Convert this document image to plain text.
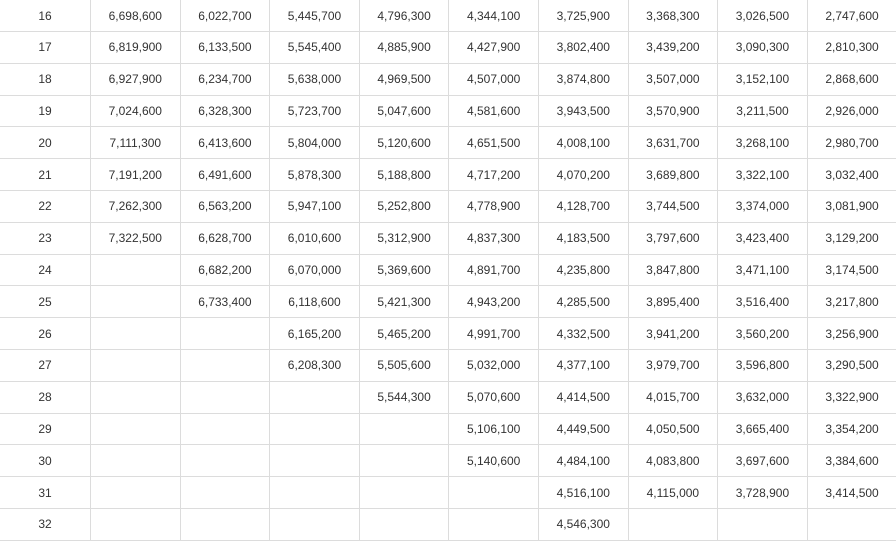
16	6,698,600	6,022,700	5,445,700	4,796,300	4,344,100	3,725,900	3,368,300	3,026,500	2,747,600
17	6,819,900	6,133,500	5,545,400	4,885,900	4,427,900	3,802,400	3,439,200	3,090,300	2,810,300
18	6,927,900	6,234,700	5,638,000	4,969,500	4,507,000	3,874,800	3,507,000	3,152,100	2,868,600
19	7,024,600	6,328,300	5,723,700	5,047,600	4,581,600	3,943,500	3,570,900	3,211,500	2,926,000
20	7,111,300	6,413,600	5,804,000	5,120,600	4,651,500	4,008,100	3,631,700	3,268,100	2,980,700
21	7,191,200	6,491,600	5,878,300	5,188,800	4,717,200	4,070,200	3,689,800	3,322,100	3,032,400
22	7,262,300	6,563,200	5,947,100	5,252,800	4,778,900	4,128,700	3,744,500	3,374,000	3,081,900
23	7,322,500	6,628,700	6,010,600	5,312,900	4,837,300	4,183,500	3,797,600	3,423,400	3,129,200
24		6,682,200	6,070,000	5,369,600	4,891,700	4,235,800	3,847,800	3,471,100	3,174,500
25		6,733,400	6,118,600	5,421,300	4,943,200	4,285,500	3,895,400	3,516,400	3,217,800
26			6,165,200	5,465,200	4,991,700	4,332,500	3,941,200	3,560,200	3,256,900
27			6,208,300	5,505,600	5,032,000	4,377,100	3,979,700	3,596,800	3,290,500
28				5,544,300	5,070,600	4,414,500	4,015,700	3,632,000	3,322,900
29					5,106,100	4,449,500	4,050,500	3,665,400	3,354,200
30					5,140,600	4,484,100	4,083,800	3,697,600	3,384,600
31						4,516,100	4,115,000	3,728,900	3,414,500
32						4,546,300			
